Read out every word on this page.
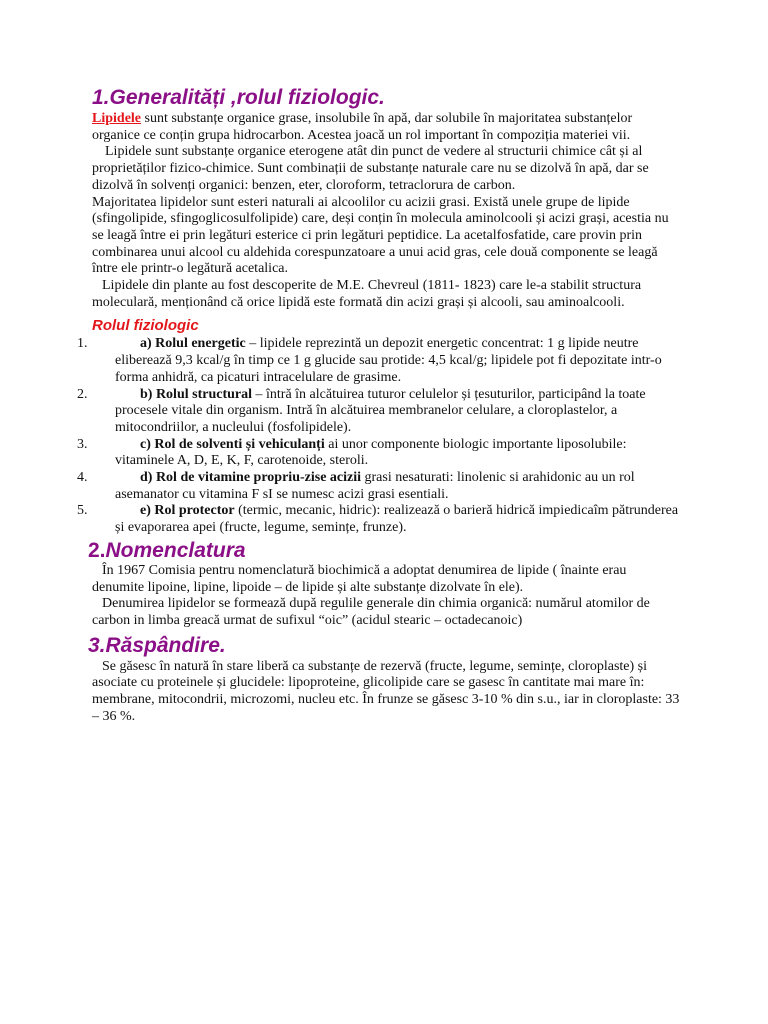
1.Generalități ,rolul fiziologic.

Lipidele sunt substanțe organice grase, insolubile în apă, dar solubile în majoritatea substanțelor organice ce conțin grupa hidrocarbon. Acestea joacă un rol important în compoziția materiei vii.

Lipidele sunt substanțe organice eterogene atât din punct de vedere al structurii chimice cât și al proprietăților fizico-chimice. Sunt combinații de substanțe naturale care nu se dizolvă în apă, dar se dizolvă în solvenți organici: benzen, eter, cloroform, tetraclorura de carbon.

Majoritatea lipidelor sunt esteri naturali ai alcoolilor cu acizii grasi. Există unele grupe de lipide (sfingolipide, sfingoglicosulfolipide) care, deși conțin în molecula aminolcooli și acizi grași, acestia nu se leagă între ei prin legături esterice ci prin legături peptidice. La acetalfosfatide, care provin prin combinarea unui alcool cu aldehida corespunzatoare a unui acid gras, cele două componente se leagă între ele printr-o legătură acetalica.

Lipidele din plante au fost descoperite de M.E. Chevreul (1811- 1823) care le-a stabilit structura moleculară, menționând că orice lipidă este formată din acizi grași și alcooli, sau aminoalcooli.

Rolul fiziologic
1.	a) Rolul energetic – lipidele reprezintă un depozit energetic concentrat: 1 g lipide neutre eliberează 9,3 kcal/g în timp ce 1 g glucide sau protide: 4,5 kcal/g; lipidele pot fi depozitate intr-o forma anhidră, ca picaturi intracelulare de grasime.
2.	b) Rolul structural – întră în alcătuirea tuturor celulelor și țesuturilor, participând la toate procesele vitale din organism. Intră în alcătuirea membranelor celulare, a cloroplastelor, a mitocondriilor, a nucleului (fosfolipidele).
3.	c) Rol de solventi și vehiculanți ai unor componente biologic importante liposolubile: vitaminele A, D, E, K, F, carotenoide, steroli.
4.	d) Rol de vitamine propriu-zise acizii grasi nesaturati: linolenic si arahidonic au un rol asemanator cu vitamina F sI se numesc acizi grasi esentiali.
5.	e) Rol protector (termic, mecanic, hidric): realizează o barieră hidrică impiedicaîm pătrunderea și evaporarea apei (fructe, legume, semințe, frunze).
2.Nomenclatura

În 1967 Comisia pentru nomenclatură biochimică a adoptat denumirea de lipide ( înainte erau denumite lipoine, lipine, lipoide – de lipide și alte substanțe dizolvate în ele).

Denumirea lipidelor se formează după regulile generale din chimia organică: numărul atomilor de carbon in limba greacă urmat de sufixul “oic” (acidul stearic – octadecanoic)

3.Răspândire.

Se găsesc în natură în stare liberă ca substanțe de rezervă (fructe, legume, semințe, cloroplaste) și asociate cu proteinele și glucidele: lipoproteine, glicolipide care se gasesc în cantitate mai mare în: membrane, mitocondrii, microzomi, nucleu etc. În frunze se găsesc 3-10 % din s.u., iar in cloroplaste: 33 – 36 %.
